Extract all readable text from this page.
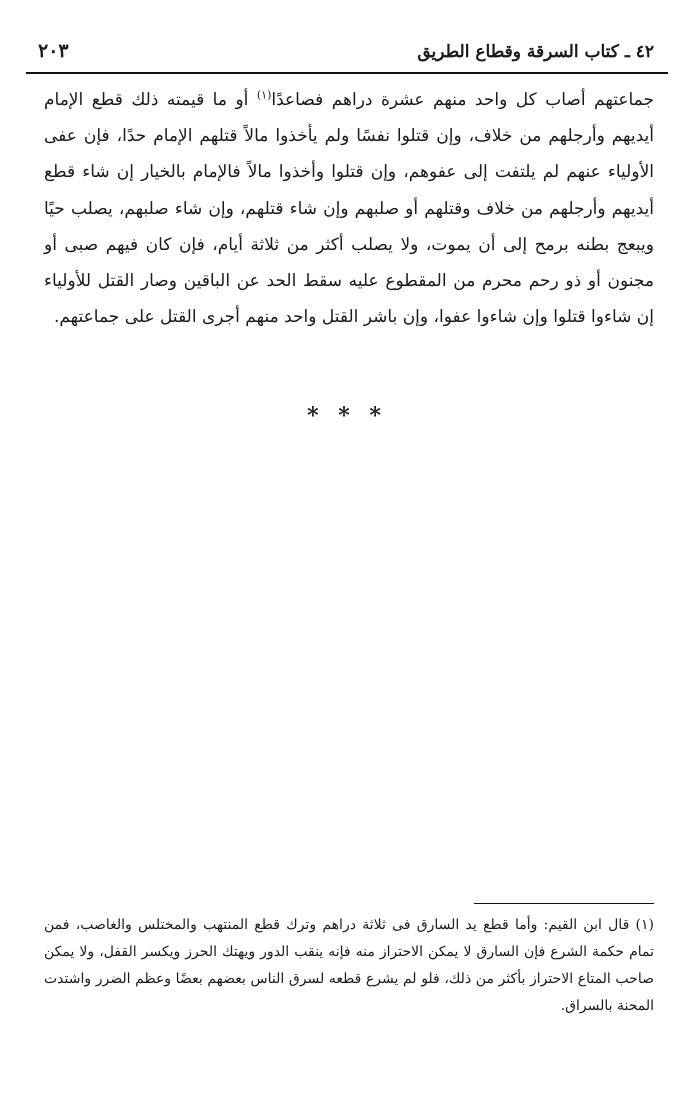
٤٢ ـ كتاب السرقة وقطاع الطريق
٢٠٣

جماعتهم أصاب كل واحد منهم عشرة دراهم فصاعدًا$^{(١)}$ أو ما قيمته ذلك قطع الإمام أيديهم وأرجلهم من خلاف، وإن قتلوا نفسًا ولم يأخذوا مالاً قتلهم الإمام حدًا، فإن عفى الأولياء عنهم لم يلتفت إلى عفوهم، وإن قتلوا وأخذوا مالاً فالإمام بالخيار إن شاء قطع أيديهم وأرجلهم من خلاف وقتلهم أو صلبهم وإن شاء قتلهم، وإن شاء صلبهم، يصلب حيًا ويبعج بطنه برمح إلى أن يموت، ولا يصلب أكثر من ثلاثة أيام، فإن كان فيهم صبى أو مجنون أو ذو رحم محرم من المقطوع عليه سقط الحد عن الباقين وصار القتل للأولياء إن شاءوا قتلوا وإن شاءوا عفوا، وإن باشر القتل واحد منهم أجرى القتل على جماعتهم.

* * *

(١) قال ابن القيم: وأما قطع يد السارق فى ثلاثة دراهم وترك قطع المنتهب والمختلس والغاصب، فمن تمام حكمة الشرع فإن السارق لا يمكن الاحتراز منه فإنه ينقب الدور ويهتك الحرز ويكسر القفل، ولا يمكن صاحب المتاع الاحتراز بأكثر من ذلك، فلو لم يشرع قطعه لسرق الناس بعضهم بعضًا وعظم الضرر واشتدت المحنة بالسراق.
